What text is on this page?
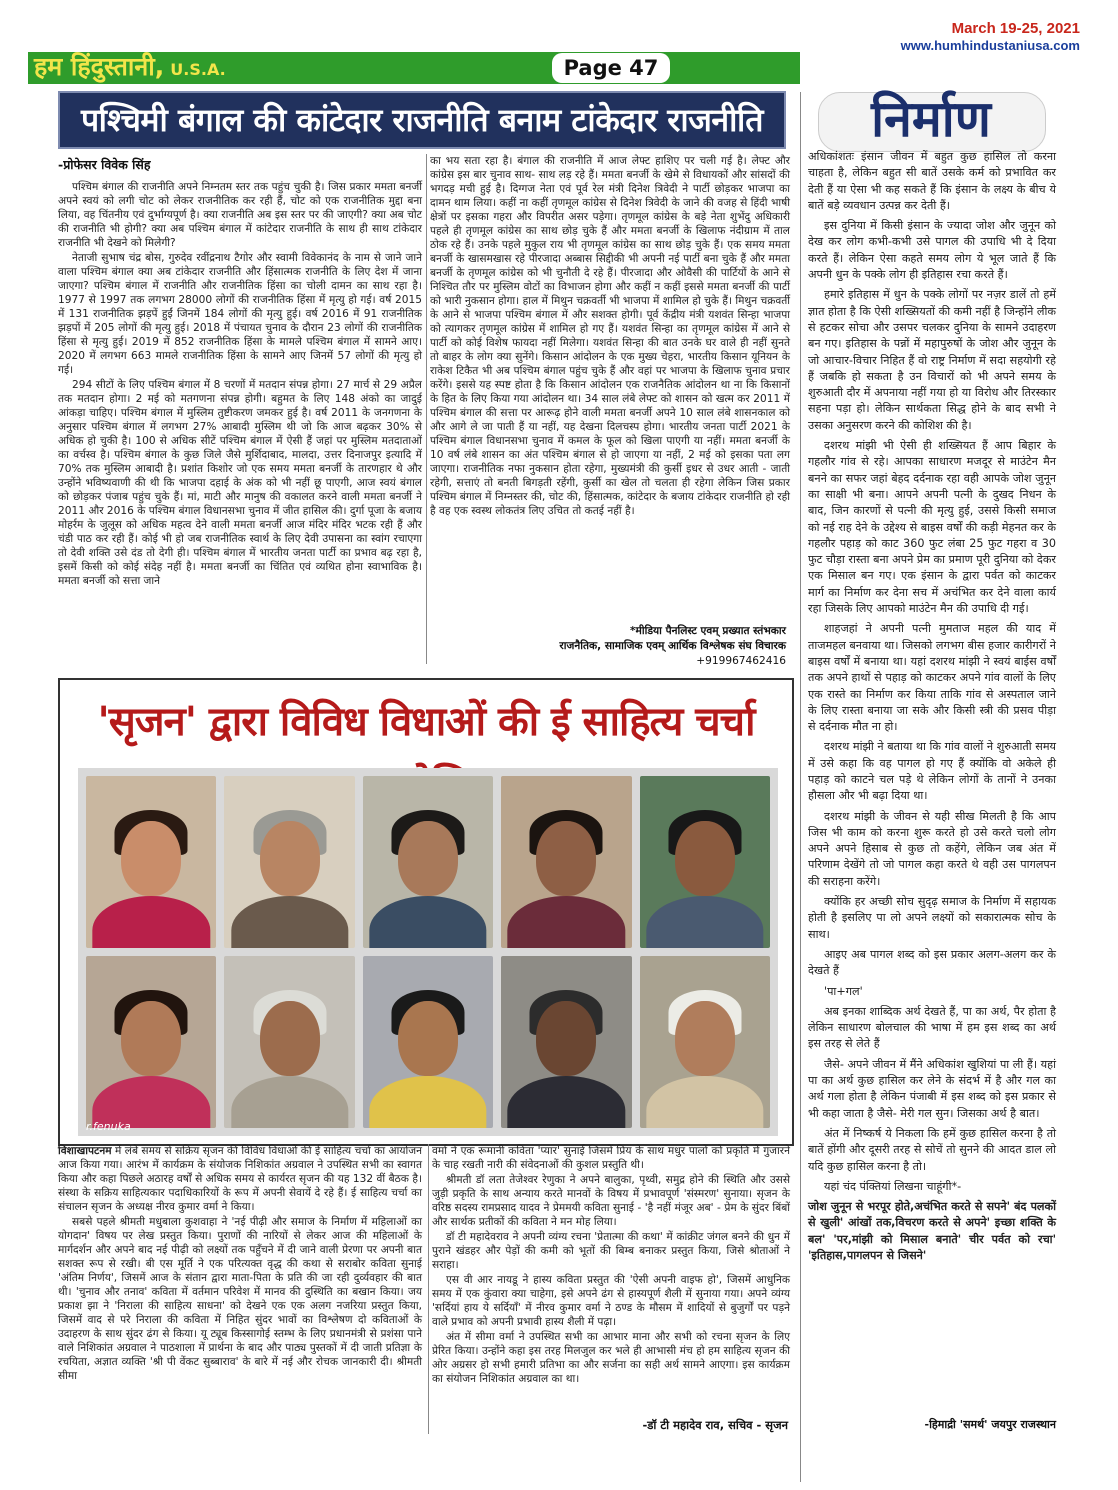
हम हिंदुस्तानी, U.S.A.	Page 47
March 19-25, 2021
www.humhindustaniusa.com
पश्चिमी बंगाल की कांटेदार राजनीति बनाम टांकेदार राजनीति
-प्रोफेसर विवेक सिंह

पश्चिम बंगाल की राजनीति अपने निम्नतम स्तर तक पहुंच चुकी है। जिस प्रकार ममता बनर्जी अपने स्वयं को लगी चोट को लेकर राजनीतिक कर रही हैं, चोट को एक राजनीतिक मुद्दा बना लिया, वह चिंतनीय एवं दुर्भाग्यपूर्ण है। क्या राजनीति अब इस स्तर पर की जाएगी? क्या अब चोट की राजनीति भी होगी? क्या अब पश्चिम बंगाल में कांटेदार राजनीति के साथ ही साथ टांकेदार राजनीति भी देखने को मिलेगी?

नेताजी सुभाष चंद्र बोस, गुरुदेव रवींद्रनाथ टैगोर और स्वामी विवेकानंद के नाम से जाने जाने वाला पश्चिम बंगाल क्या अब टांकेदार राजनीति और हिंसात्मक राजनीति के लिए देश में जाना जाएगा? पश्चिम बंगाल में राजनीति और राजनीतिक हिंसा का चोली दामन का साथ रहा है। 1977 से 1997 तक लगभग 28000 लोगों की राजनीतिक हिंसा में मृत्यु हो गई। वर्ष 2015 में 131 राजनीतिक झड़पें हुईं जिनमें 184 लोगों की मृत्यु हुई। वर्ष 2016 में 91 राजनीतिक झड़पों में 205 लोगों की मृत्यु हुई। 2018 में पंचायत चुनाव के दौरान 23 लोगों की राजनीतिक हिंसा से मृत्यु हुई। 2019 में 852 राजनीतिक हिंसा के मामले पश्चिम बंगाल में सामने आए। 2020 में लगभग 663 मामले राजनीतिक हिंसा के सामने आए जिनमें 57 लोगों की मृत्यु हो गई।

294 सीटों के लिए पश्चिम बंगाल में 8 चरणों में मतदान संपन्न होगा। 27 मार्च से 29 अप्रैल तक मतदान होगा। 2 मई को मतगणना संपन्न होगी। बहुमत के लिए 148 अंको का जादुई आंकड़ा चाहिए। पश्चिम बंगाल में मुस्लिम तुष्टीकरण जमकर हुई है। वर्ष 2011 के जनगणना के अनुसार पश्चिम बंगाल में लगभग 27% आबादी मुस्लिम थी जो कि आज बढ़कर 30% से अधिक हो चुकी है। 100 से अधिक सीटें पश्चिम बंगाल में ऐसी हैं जहां पर मुस्लिम मतदाताओं का वर्चस्व है। पश्चिम बंगाल के कुछ जिले जैसे मुर्शिदाबाद, मालदा, उत्तर दिनाजपुर इत्यादि में 70% तक मुस्लिम आबादी है। प्रशांत किशोर जो एक समय ममता बनर्जी के तारणहार थे और उन्होंने भविष्यवाणी की थी कि भाजपा दहाई के अंक को भी नहीं छू पाएगी, आज स्वयं बंगाल को छोड़कर पंजाब पहुंच चुके हैं। मां, माटी और मानुष की वकालत करने वाली ममता बनर्जी ने 2011 और 2016 के पश्चिम बंगाल विधानसभा चुनाव में जीत हासिल की। दुर्गा पूजा के बजाय मोहर्रम के जुलूस को अधिक महत्व देने वाली ममता बनर्जी आज मंदिर मंदिर भटक रही हैं और चंडी पाठ कर रही हैं। कोई भी हो जब राजनीतिक स्वार्थ के लिए देवी उपासना का स्वांग रचाएगा तो देवी शक्ति उसे दंड तो देगी ही। पश्चिम बंगाल में भारतीय जनता पार्टी का प्रभाव बढ़ रहा है, इसमें किसी को कोई संदेह नहीं है। ममता बनर्जी का चिंतित एवं व्यथित होना स्वाभाविक है। ममता बनर्जी को सत्ता जाने

का भय सता रहा है। बंगाल की राजनीति में आज लेफ्ट हाशिए पर चली गई है। लेफ्ट और कांग्रेस इस बार चुनाव साथ- साथ लड़ रहे हैं। ममता बनर्जी के खेमे से विधायकों और सांसदों की भगदड़ मची हुई है। दिग्गज नेता एवं पूर्व रेल मंत्री दिनेश त्रिवेदी ने पार्टी छोड़कर भाजपा का दामन थाम लिया। कहीं ना कहीं तृणमूल कांग्रेस से दिनेश त्रिवेदी के जाने की वजह से हिंदी भाषी क्षेत्रों पर इसका गहरा और विपरीत असर पड़ेगा। तृणमूल कांग्रेस के बड़े नेता शुभेंदु अधिकारी पहले ही तृणमूल कांग्रेस का साथ छोड़ चुके हैं और ममता बनर्जी के खिलाफ नंदीग्राम में ताल ठोक रहे हैं। उनके पहले मुकुल राय भी तृणमूल कांग्रेस का साथ छोड़ चुके हैं। एक समय ममता बनर्जी के खासमखास रहे पीरजादा अब्बास सिद्दीकी भी अपनी नई पार्टी बना चुके हैं और ममता बनर्जी के तृणमूल कांग्रेस को भी चुनौती दे रहे हैं। पीरजादा और ओवैसी की पार्टियों के आने से निश्चित तौर पर मुस्लिम वोटों का विभाजन होगा और कहीं न कहीं इससे ममता बनर्जी की पार्टी को भारी नुकसान होगा। हाल में मिथुन चक्रवर्ती भी भाजपा में शामिल हो चुके हैं। मिथुन चक्रवर्ती के आने से भाजपा पश्चिम बंगाल में और सशक्त होगी। पूर्व केंद्रीय मंत्री यशवंत सिन्हा भाजपा को त्यागकर तृणमूल कांग्रेस में शामिल हो गए हैं। यशवंत सिन्हा का तृणमूल कांग्रेस में आने से पार्टी को कोई विशेष फायदा नहीं मिलेगा। यशवंत सिन्हा की बात उनके घर वाले ही नहीं सुनते तो बाहर के लोग क्या सुनेंगे। किसान आंदोलन के एक मुख्य चेहरा, भारतीय किसान यूनियन के राकेश टिकैत भी अब पश्चिम बंगाल पहुंच चुके हैं और वहां पर भाजपा के खिलाफ चुनाव प्रचार करेंगे। इससे यह स्पष्ट होता है कि किसान आंदोलन एक राजनैतिक आंदोलन था ना कि किसानों के हित के लिए किया गया आंदोलन था। 34 साल लंबे लेफ्ट को शासन को खत्म कर 2011 में पश्चिम बंगाल की सत्ता पर आरूढ़ होने वाली ममता बनर्जी अपने 10 साल लंबे शासनकाल को और आगे ले जा पाती हैं या नहीं, यह देखना दिलचस्प होगा। भारतीय जनता पार्टी 2021 के पश्चिम बंगाल विधानसभा चुनाव में कमल के फूल को खिला पाएगी या नहीं। ममता बनर्जी के 10 वर्ष लंबे शासन का अंत पश्चिम बंगाल से हो जाएगा या नहीं, 2 मई को इसका पता लग जाएगा। राजनीतिक नफा नुकसान होता रहेगा, मुख्यमंत्री की कुर्सी इधर से उधर आती - जाती रहेगी, सत्ताएं तो बनती बिगड़ती रहेंगी, कुर्सी का खेल तो चलता ही रहेगा लेकिन जिस प्रकार पश्चिम बंगाल में निम्नस्तर की, चोट की, हिंसात्मक, कांटेदार के बजाय टांकेदार राजनीति हो रही है वह एक स्वस्थ लोकतंत्र लिए उचित तो कतई नहीं है।

*मीडिया पैनलिस्ट एवम् प्रख्यात स्तंभकार
राजनैतिक, सामाजिक एवम् आर्थिक विश्लेषक संघ विचारक
+919967462416
निर्माण

अधिकांशतः इंसान जीवन में बहुत कुछ हासिल तो करना चाहता है, लेकिन बहुत सी बातें उसके कर्म को प्रभावित कर देती हैं या ऐसा भी कह सकते हैं कि इंसान के लक्ष्य के बीच ये बातें बड़े व्यवधान उत्पन्न कर देती हैं।

इस दुनिया में किसी इंसान के ज्यादा जोश और जुनून को देख कर लोग कभी-कभी उसे पागल की उपाधि भी दे दिया करते हैं। लेकिन ऐसा कहते समय लोग ये भूल जाते हैं कि अपनी धुन के पक्के लोग ही इतिहास रचा करते हैं।

हमारे इतिहास में धुन के पक्के लोगों पर नज़र डालें तो हमें ज्ञात होता है कि ऐसी शख्सियतों की कमी नहीं है जिन्होंने लीक से हटकर सोचा और उसपर चलकर दुनिया के सामने उदाहरण बन गए। इतिहास के पन्नों में महापुरुषों के जोश और जुनून के जो आचार-विचार निहित हैं वो राष्ट्र निर्माण में सदा सहयोगी रहे हैं जबकि हो सकता है उन विचारों को भी अपने समय के शुरुआती दौर में अपनाया नहीं गया हो या विरोध और तिरस्कार सहना पड़ा हो। लेकिन सार्थकता सिद्ध होने के बाद सभी ने उसका अनुसरण करने की कोशिश की है।

दशरथ मांझी भी ऐसी ही शख्सियत हैं आप बिहार के गहलौर गांव से रहे। आपका साधारण मजदूर से माउंटेन मैन बनने का सफर जहां बेहद दर्दनाक रहा वही आपके जोश जुनून का साक्षी भी बना। आपने अपनी पत्नी के दुखद निधन के बाद, जिन कारणों से पत्नी की मृत्यु हुई, उससे किसी समाज को नई राह देने के उद्देश्य से बाइस वर्षों की कड़ी मेहनत कर के गहलौर पहाड़ को काट 360 फुट लंबा 25 फुट गहरा व 30 फुट चौड़ा रास्ता बना अपने प्रेम का प्रमाण पूरी दुनिया को देकर एक मिसाल बन गए। एक इंसान के द्वारा पर्वत को काटकर मार्ग का निर्माण कर देना सच में अचंभित कर देने वाला कार्य रहा जिसके लिए आपको माउंटेन मैन की उपाधि दी गई।

शाहजहां ने अपनी पत्नी मुमताज महल की याद में ताजमहल बनवाया था। जिसको लगभग बीस हजार कारीगरों ने बाइस वर्षों में बनाया था। यहां दशरथ मांझी ने स्वयं बाईस वर्षों तक अपने हाथों से पहाड़ को काटकर अपने गांव वालों के लिए एक रास्ते का निर्माण कर किया ताकि गांव से अस्पताल जाने के लिए रास्ता बनाया जा सके और किसी स्त्री की प्रसव पीड़ा से दर्दनाक मौत ना हो।

दशरथ मांझी ने बताया था कि गांव वालों ने शुरुआती समय में उसे कहा कि वह पागल हो गए हैं क्योंकि वो अकेले ही पहाड़ को काटने चल पड़े थे लेकिन लोगों के तानों ने उनका हौसला और भी बढ़ा दिया था।

दशरथ मांझी के जीवन से यही सीख मिलती है कि आप जिस भी काम को करना शुरू करते हो उसे करते चलो लोग अपने अपने हिसाब से कुछ तो कहेंगे, लेकिन जब अंत में परिणाम देखेंगे तो जो पागल कहा करते थे वही उस पागलपन की सराहना करेंगे।

क्योंकि हर अच्छी सोच सुदृढ़ समाज के निर्माण में सहायक होती है इसलिए पा लो अपने लक्ष्यों को सकारात्मक सोच के साथ।

आइए अब पागल शब्द को इस प्रकार अलग-अलग कर के देखते हैं

'पा+गल'

अब इनका शाब्दिक अर्थ देखते हैं, पा का अर्थ, पैर होता है लेकिन साधारण बोलचाल की भाषा में हम इस शब्द का अर्थ इस तरह से लेते हैं

जैसे- अपने जीवन में मैंने अधिकांश खुशियां पा ली हैं। यहां पा का अर्थ कुछ हासिल कर लेने के संदर्भ में है और गल का अर्थ गला होता है लेकिन पंजाबी में इस शब्द को इस प्रकार से भी कहा जाता है जैसे- मेरी गल सुन। जिसका अर्थ है बात।

अंत में निष्कर्ष ये निकला कि हमें कुछ हासिल करना है तो बातें होंगी और दूसरी तरह से सोचें तो सुनने की आदत डाल लो यदि कुछ हासिल करना है तो।

यहां चंद पंक्तियां लिखना चाहूंगी*-

जोश जुनून से भरपूर होते,अचंभित करते से सपने' बंद पलकों से खुली' आंखों तक,विचरण करते से अपने' इच्छा शक्ति के बल' 'पर,मांझी को मिसाल बनाते' चीर पर्वत को रचा' 'इतिहास,पागलपन से जिसने'

-हिमाद्री 'समर्थ' जयपुर राजस्थान
'सृजन' द्वारा विविध विधाओं की ई साहित्य चर्चा
r.fenuka

विशाखापटनम में लंबे समय से सक्रिय सृजन की विविध विधाओं की ई साहित्य चर्चा का आयोजन आज किया गया। आरंभ में कार्यक्रम के संयोजक निशिकांत अग्रवाल ने उपस्थित सभी का स्वागत किया और कहा पिछले अठारह वर्षों से अधिक समय से कार्यरत सृजन की यह 132 वीं बैठक है। संस्था के सक्रिय साहित्यकार पदाधिकारियों के रूप में अपनी सेवायें दे रहे हैं। ई साहित्य चर्चा का संचालन सृजन के अध्यक्ष नीरव कुमार वर्मा ने किया।

सबसे पहले श्रीमती मधुबाला कुशवाहा ने 'नई पीढ़ी और समाज के निर्माण में महिलाओं का योगदान' विषय पर लेख प्रस्तुत किया। पुराणों की नारियों से लेकर आज की महिलाओं के मार्गदर्शन और अपने बाद नई पीढ़ी को लक्ष्यों तक पहुँचने में दी जाने वाली प्रेरणा पर अपनी बात सशक्त रूप से रखी। बी एस मूर्ति ने एक परित्यक्त वृद्ध की कथा से सराबोर कविता सुनाई 'अंतिम निर्णय', जिसमें आज के संतान द्वारा माता-पिता के प्रति की जा रही दुर्व्यवहार की बात थी। 'चुनाव और तनाव' कविता में वर्तमान परिवेश में मानव की दुस्थिति का बखान किया। जय प्रकाश झा ने 'निराला की साहित्य साधना' को देखने एक एक अलग नजरिया प्रस्तुत किया, जिसमें वाद से परे निराला की कविता में निहित सुंदर भावों का विश्लेषण दो कविताओं के उदाहरण के साथ सुंदर ढंग से किया। यू ट्यूब किस्सागोई स्तम्भ के लिए प्रधानमंत्री से प्रशंसा पाने वाले निशिकांत अग्रवाल ने पाठशाला में प्रार्थना के बाद और पाठ्य पुस्तकों में दी जाती प्रतिज्ञा के रचयिता, अज्ञात व्यक्ति 'श्री पी वेंकट सुब्बाराव' के बारे में नई और रोचक जानकारी दी। श्रीमती सीमा

वर्मा ने एक रूमानी कविता 'प्यार' सुनाई जिसमें प्रिय के साथ मधुर पालों को प्रकृति में गुजारने के चाह रखती नारी की संवेदनाओं की कुशल प्रस्तुति थी।

श्रीमती डॉ लता तेजेश्वर रेणुका ने अपने बालुका, पृथ्वी, समुद्र होने की स्थिति और उससे जुड़ी प्रकृति के साथ अन्याय करते मानवों के विषय में प्रभावपूर्ण 'संस्मरण' सुनाया। सृजन के वरिष्ठ सदस्य रामप्रसाद यादव ने प्रेममयी कविता सुनाई - 'है नहीं मंजूर अब' - प्रेम के सुंदर बिंबों और सार्थक प्रतीकों की कविता ने मन मोह लिया।

डॉ टी महादेवराव ने अपनी व्यंग्य रचना 'प्रेतात्मा की कथा' में कांक्रीट जंगल बनने की धुन में पुराने खंडहर और पेड़ों की कमी को भूतों की बिम्ब बनाकर प्रस्तुत किया, जिसे श्रोताओं ने सराहा।

एस वी आर नायडू ने हास्य कविता प्रस्तुत की 'ऐसी अपनी वाइफ हो', जिसमें आधुनिक समय में एक कुंवारा क्या चाहेगा, इसे अपने ढंग से हास्यपूर्ण शैली में सुनाया गया। अपने व्यंग्य 'सर्दियां हाय ये सर्दियाँ' में नीरव कुमार वर्मा ने ठण्ड के मौसम में शादियों से बुजुर्गों पर पड़ने वाले प्रभाव को अपनी प्रभावी हास्य शैली में पढ़ा।

अंत में सीमा वर्मा ने उपस्थित सभी का आभार माना और सभी को रचना सृजन के लिए प्रेरित किया। उन्होंने कहा इस तरह मिलजुल कर भले ही आभासी मंच हो हम साहित्य सृजन की ओर अग्रसर हो सभी हमारी प्रतिभा का और सर्जना का सही अर्थ सामने आएगा। इस कार्यक्रम का संयोजन निशिकांत अग्रवाल का था।

-डॉ टी महादेव राव, सचिव - सृजन
